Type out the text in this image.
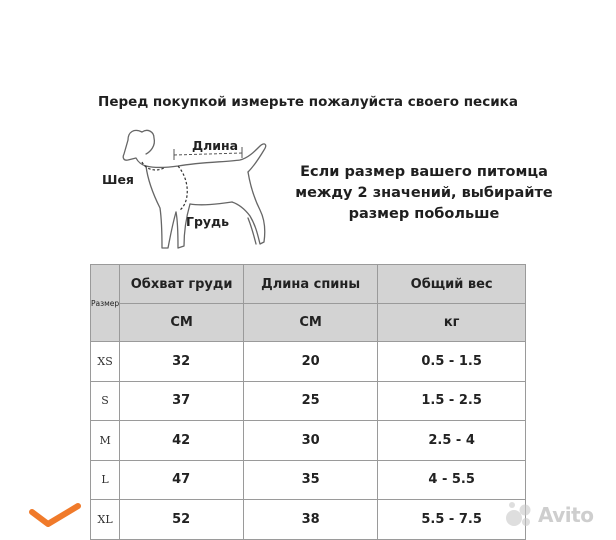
Перед покупкой измерьте пожалуйста своего песика
Шея
Длина
Грудь
Если размер вашего питомца
между 2 значений, выбирайте
размер побольше
Размер	Обхват груди	Длина спины	Общий вес
	СМ	СМ	кг
XS	32	20	0.5 - 1.5
S	37	25	1.5 - 2.5
M	42	30	2.5 - 4
L	47	35	4 - 5.5
XL	52	38	5.5 - 7.5	Avito
